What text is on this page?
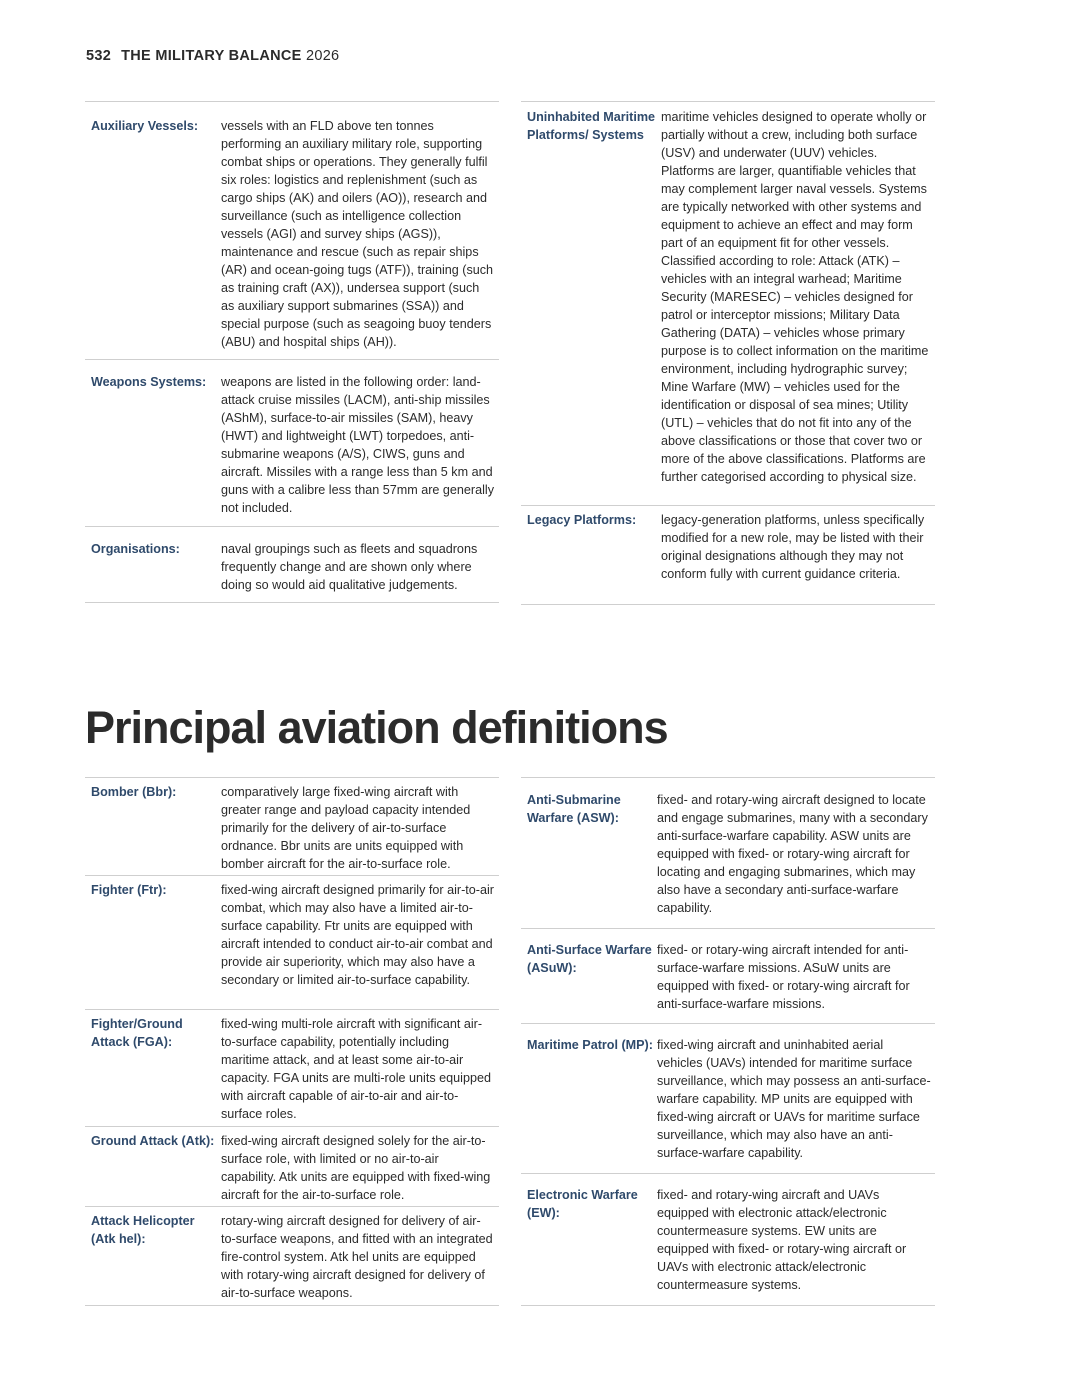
532 THE MILITARY BALANCE 2026
Auxiliary Vessels:	vessels with an FLD above ten tonnes performing an auxiliary military role, supporting combat ships or operations. They generally fulfil six roles: logistics and replenishment (such as cargo ships (AK) and oilers (AO)), research and surveillance (such as intelligence collection vessels (AGI) and survey ships (AGS)), maintenance and rescue (such as repair ships (AR) and ocean-going tugs (ATF)), training (such as training craft (AX)), undersea support (such as auxiliary support submarines (SSA)) and special purpose (such as seagoing buoy tenders (ABU) and hospital ships (AH)).

Weapons Systems:	weapons are listed in the following order: land-attack cruise missiles (LACM), anti-ship missiles (AShM), surface-to-air missiles (SAM), heavy (HWT) and lightweight (LWT) torpedoes, anti-submarine weapons (A/S), CIWS, guns and aircraft. Missiles with a range less than 5 km and guns with a calibre less than 57mm are generally not included.

Organisations:	naval groupings such as fleets and squadrons frequently change and are shown only where doing so would aid qualitative judgements.
Uninhabited Maritime Platforms/ Systems	maritime vehicles designed to operate wholly or partially without a crew, including both surface (USV) and underwater (UUV) vehicles. Platforms are larger, quantifiable vehicles that may complement larger naval vessels. Systems are typically networked with other systems and equipment to achieve an effect and may form part of an equipment fit for other vessels. Classified according to role: Attack (ATK) – vehicles with an integral warhead; Maritime Security (MARESEC) – vehicles designed for patrol or interceptor missions; Military Data Gathering (DATA) – vehicles whose primary purpose is to collect information on the maritime environment, including hydrographic survey; Mine Warfare (MW) – vehicles used for the identification or disposal of sea mines; Utility (UTL) – vehicles that do not fit into any of the above classifications or those that cover two or more of the above classifications. Platforms are further categorised according to physical size.

Legacy Platforms:	legacy-generation platforms, unless specifically modified for a new role, may be listed with their original designations although they may not conform fully with current guidance criteria.
Principal aviation definitions
Bomber (Bbr):	comparatively large fixed-wing aircraft with greater range and payload capacity intended primarily for the delivery of air-to-surface ordnance. Bbr units are units equipped with bomber aircraft for the air-to-surface role.

Fighter (Ftr):	fixed-wing aircraft designed primarily for air-to-air combat, which may also have a limited air-to-surface capability. Ftr units are equipped with aircraft intended to conduct air-to-air combat and provide air superiority, which may also have a secondary or limited air-to-surface capability.

Fighter/Ground Attack (FGA):	fixed-wing multi-role aircraft with significant air-to-surface capability, potentially including maritime attack, and at least some air-to-air capacity. FGA units are multi-role units equipped with aircraft capable of air-to-air and air-to-surface roles.

Ground Attack (Atk):	fixed-wing aircraft designed solely for the air-to-surface role, with limited or no air-to-air capability. Atk units are equipped with fixed-wing aircraft for the air-to-surface role.

Attack Helicopter (Atk hel):	rotary-wing aircraft designed for delivery of air-to-surface weapons, and fitted with an integrated fire-control system. Atk hel units are equipped with rotary-wing aircraft designed for delivery of air-to-surface weapons.
Anti-Submarine Warfare (ASW):	fixed- and rotary-wing aircraft designed to locate and engage submarines, many with a secondary anti-surface-warfare capability. ASW units are equipped with fixed- or rotary-wing aircraft for locating and engaging submarines, which may also have a secondary anti-surface-warfare capability.

Anti-Surface Warfare (ASuW):	fixed- or rotary-wing aircraft intended for anti-surface-warfare missions. ASuW units are equipped with fixed- or rotary-wing aircraft for anti-surface-warfare missions.

Maritime Patrol (MP):	fixed-wing aircraft and uninhabited aerial vehicles (UAVs) intended for maritime surface surveillance, which may possess an anti-surface-warfare capability. MP units are equipped with fixed-wing aircraft or UAVs for maritime surface surveillance, which may also have an anti-surface-warfare capability.

Electronic Warfare (EW):	fixed- and rotary-wing aircraft and UAVs equipped with electronic attack/electronic countermeasure systems. EW units are equipped with fixed- or rotary-wing aircraft or UAVs with electronic attack/electronic countermeasure systems.
